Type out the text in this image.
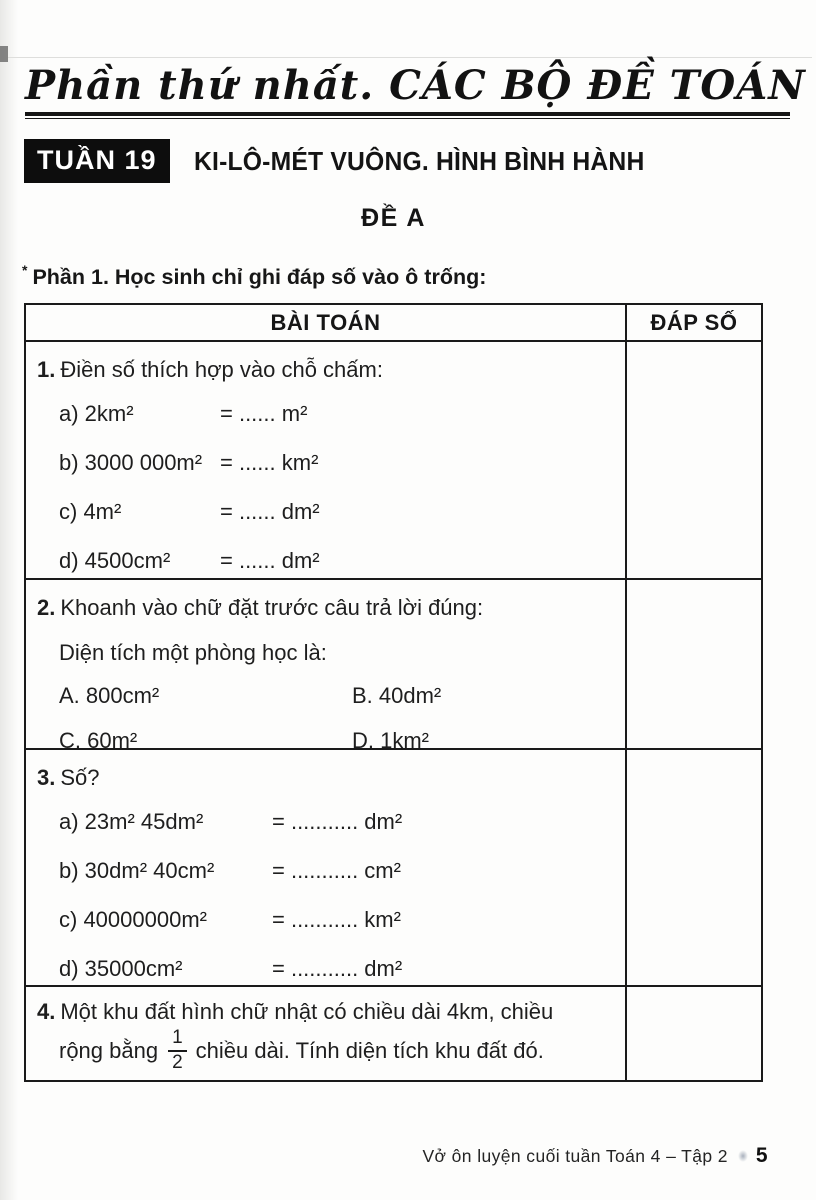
Phần thứ nhất. CÁC BỘ ĐỀ TOÁN
TUẦN 19	KI-LÔ-MÉT VUÔNG. HÌNH BÌNH HÀNH
ĐỀ A
* Phần 1. Học sinh chỉ ghi đáp số vào ô trống:
BÀI TOÁN	ĐÁP SỐ
1. Điền số thích hợp vào chỗ chấm:
a) 2km²	= ...... m²
b) 3000 000m² = ...... km²
c) 4m²	= ...... dm²
d) 4500cm²	= ...... dm²
2. Khoanh vào chữ đặt trước câu trả lời đúng:
Diện tích một phòng học là:
A. 800cm²	B. 40dm²
C. 60m²	D. 1km²
3. Số?
a) 23m² 45dm²	= ........... dm²
b) 30dm² 40cm²	= ........... cm²
c) 40000000m²	= ........... km²
d) 35000cm²	= ........... dm²
4. Một khu đất hình chữ nhật có chiều dài 4km, chiều
rộng bằng $\frac{1}{2}$ chiều dài. Tính diện tích khu đất đó.
Vở ôn luyện cuối tuần Toán 4 – Tập 2 5
